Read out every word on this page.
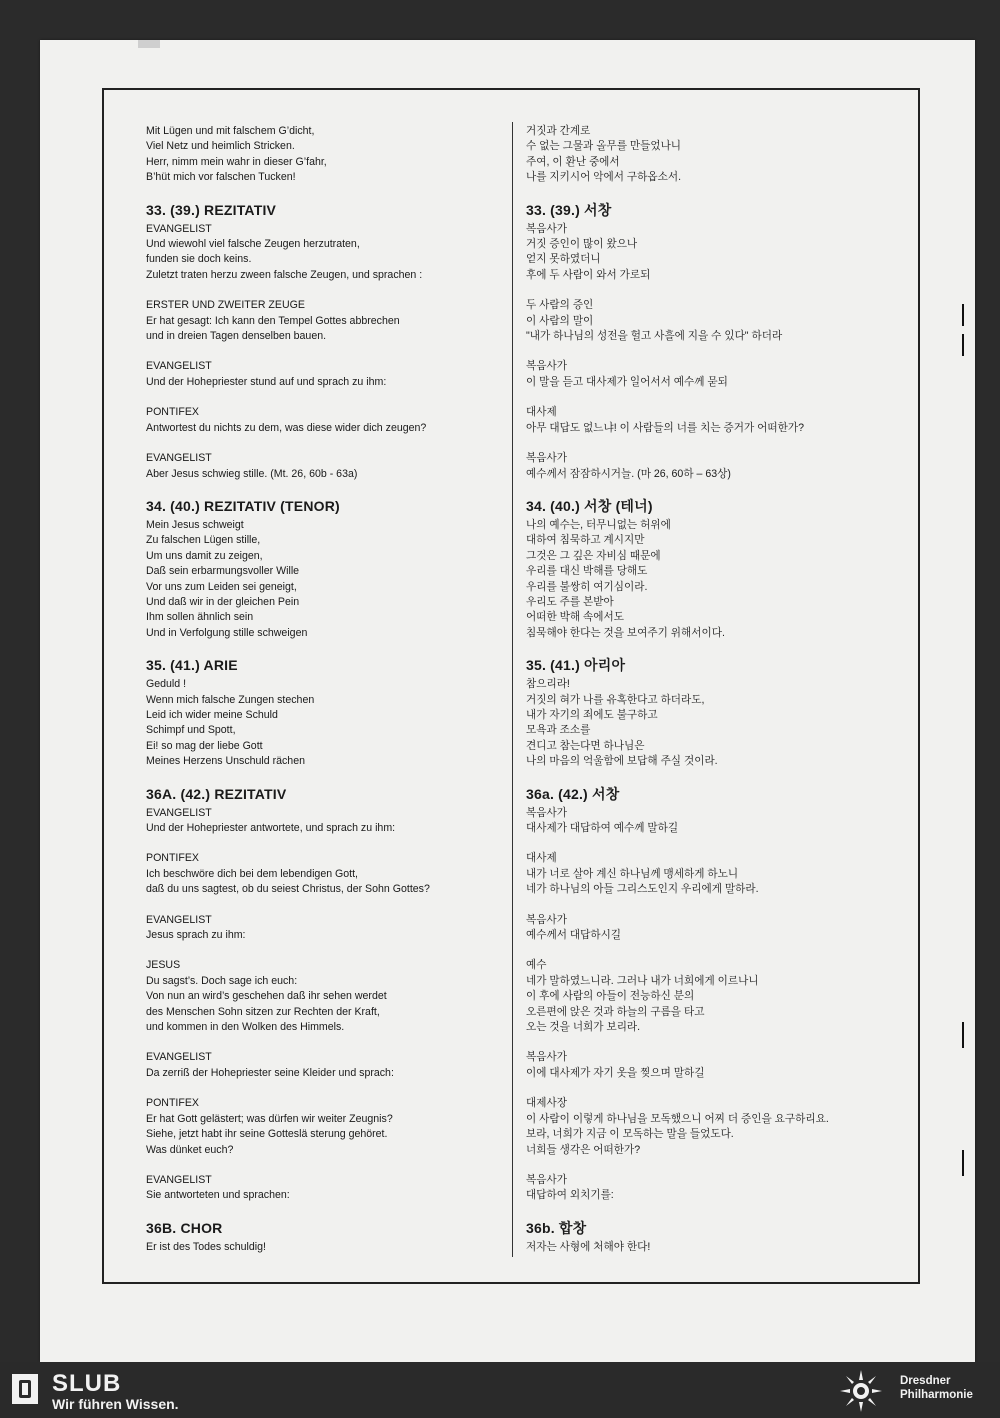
Mit Lügen und mit falschem G’dicht,
Viel Netz und heimlich Stricken.
Herr, nimm mein wahr in dieser G’fahr,
B’hüt mich vor falschen Tucken!
33. (39.) REZITATIV
EVANGELIST
Und wiewohl viel falsche Zeugen herzutraten,
funden sie doch keins.
Zuletzt traten herzu zween falsche Zeugen, und sprachen :
ERSTER UND ZWEITER ZEUGE
Er hat gesagt: Ich kann den Tempel Gottes abbrechen
und in dreien Tagen denselben bauen.
EVANGELIST
Und der Hohepriester stund auf und sprach zu ihm:
PONTIFEX
Antwortest du nichts zu dem, was diese wider dich zeugen?
EVANGELIST
Aber Jesus schwieg stille. (Mt. 26, 60b - 63a)
34. (40.) REZITATIV (TENOR)
Mein Jesus schweigt
Zu falschen Lügen stille,
Um uns damit zu zeigen,
Daß sein erbarmungsvoller Wille
Vor uns zum Leiden sei geneigt,
Und daß wir in der gleichen Pein
Ihm sollen ähnlich sein
Und in Verfolgung stille schweigen
35. (41.) ARIE
Geduld !
Wenn mich falsche Zungen stechen
Leid ich wider meine Schuld
Schimpf und Spott,
Ei! so mag der liebe Gott
Meines Herzens Unschuld rächen
36A. (42.) REZITATIV
EVANGELIST
Und der Hohepriester antwortete, und sprach zu ihm:
PONTIFEX
Ich beschwöre dich bei dem lebendigen Gott,
daß du uns sagtest, ob du seiest Christus, der Sohn Gottes?
EVANGELIST
Jesus sprach zu ihm:
JESUS
Du sagst’s. Doch sage ich euch:
Von nun an wird’s geschehen daß ihr sehen werdet
des Menschen Sohn sitzen zur Rechten der Kraft,
und kommen in den Wolken des Himmels.
EVANGELIST
Da zerriß der Hohepriester seine Kleider und sprach:
PONTIFEX
Er hat Gott gelästert; was dürfen wir weiter Zeugnis?
Siehe, jetzt habt ihr seine Gotteslä sterung gehöret.
Was dünket euch?
EVANGELIST
Sie antworteten und sprachen:
36B. CHOR
Er ist des Todes schuldig!
거짓과 간계로
수 없는 그물과 올무를 만들었나니
주여, 이 환난 중에서
나를 지키시어 악에서 구하옵소서.
33. (39.) 서창
복음사가
거짓 증인이 많이 왔으나
얻지 못하였더니
후에 두 사람이 와서 가로되
두 사람의 증인
이 사람의 말이
"내가 하나님의 성전을 헐고 사흘에 지을 수 있다" 하더라
복음사가
이 말을 듣고 대사제가 일어서서 예수께 묻되
대사제
아무 대답도 없느냐! 이 사람들의 너를 치는 증거가 어떠한가?
복음사가
예수께서 잠잠하시거늘. (마 26, 60하 – 63상)
34. (40.) 서창 (테너)
나의 예수는, 터무니없는 허위에
대하여 침묵하고 계시지만
그것은 그 깊은 자비심 때문에
우리를 대신 박해를 당해도
우리를 불쌍히 여기심이라.
우리도 주를 본받아
어떠한 박해 속에서도
침묵해야 한다는 것을 보여주기 위해서이다.
35. (41.) 아리아
참으리라!
거짓의 혀가 나를 유혹한다고 하더라도,
내가 자기의 죄에도 불구하고
모욕과 조소를
견디고 참는다면 하나님은
나의 마음의 억울함에 보답해 주실 것이라.
36a. (42.) 서창
복음사가
대사제가 대답하여 예수께 말하길
대사제
내가 너로 살아 계신 하나님께 맹세하게 하노니
네가 하나님의 아들 그리스도인지 우리에게 말하라.
복음사가
예수께서 대답하시길
예수
네가 말하였느니라. 그러나 내가 너희에게 이르나니
이 후에 사람의 아들이 전능하신 분의
오른편에 앉은 것과 하늘의 구름을 타고
오는 것을 너희가 보리라.
복음사가
이에 대사제가 자기 옷을 찢으며 말하길
대제사장
이 사람이 이렇게 하나님을 모독했으니 어찌 더 증인을 요구하리요.
보라, 너희가 지금 이 모독하는 말을 들었도다.
너희들 생각은 어떠한가?
복음사가
대답하여 외치기를:
36b. 합창
저자는 사형에 처해야 한다!
SLUB
Wir führen Wissen.
Dresdner
Philharmonie
